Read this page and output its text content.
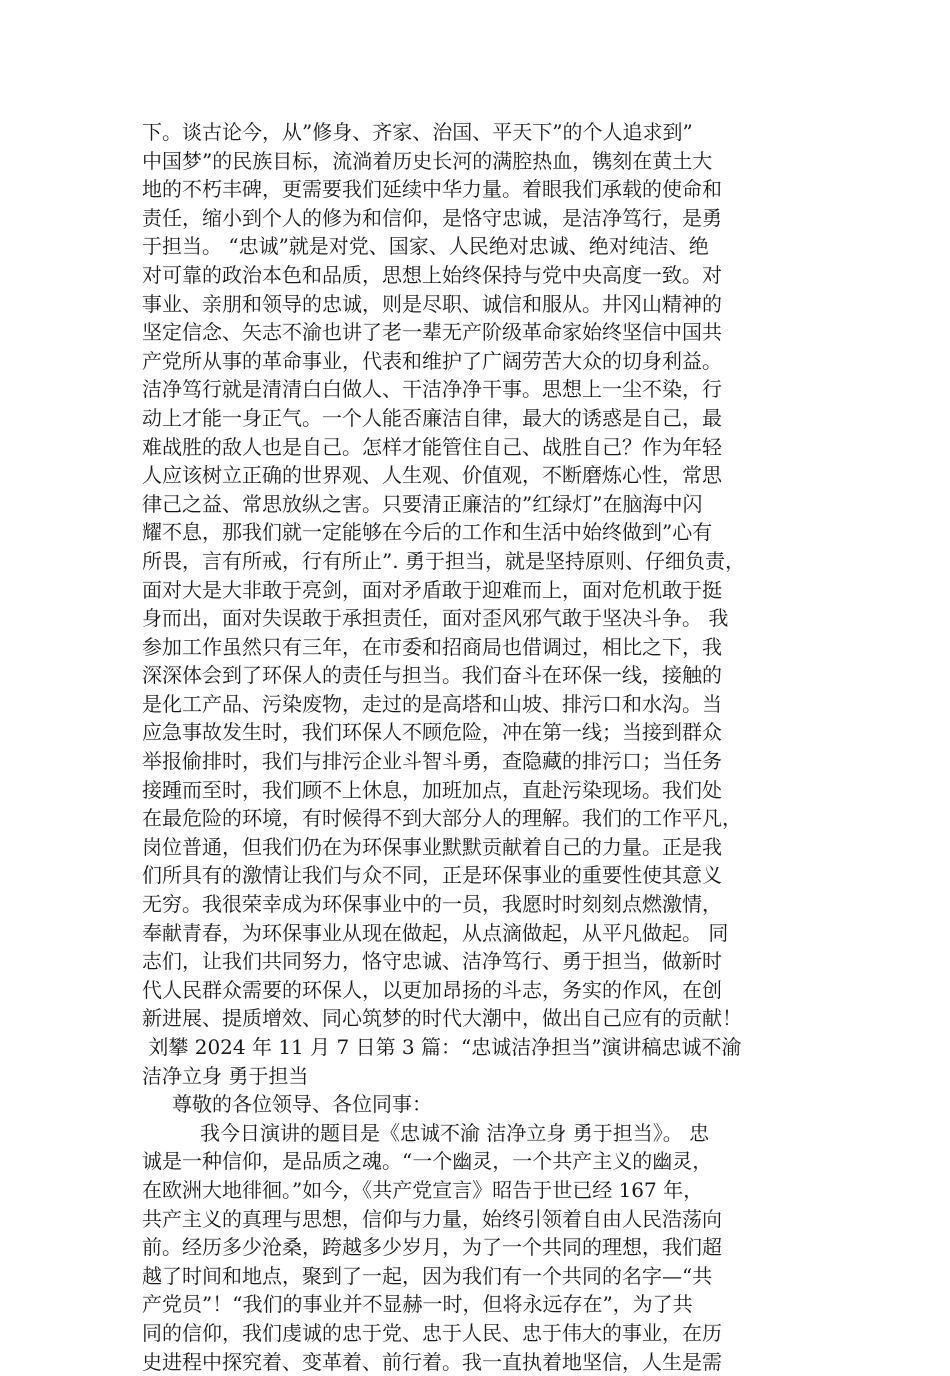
下。谈古论今，从”修身、齐家、治国、平天下”的个人追求到”
中国梦”的民族目标，流淌着历史长河的满腔热血，镌刻在黄土大
地的不朽丰碑，更需要我们延续中华力量。着眼我们承载的使命和
责任，缩小到个人的修为和信仰，是恪守忠诚，是洁净笃行，是勇
于担当。 “忠诚”就是对党、国家、人民绝对忠诚、绝对纯洁、绝
对可靠的政治本色和品质，思想上始终保持与党中央高度一致。对
事业、亲朋和领导的忠诚，则是尽职、诚信和服从。井冈山精神的
坚定信念、矢志不渝也讲了老一辈无产阶级革命家始终坚信中国共
产党所从事的革命事业，代表和维护了广阔劳苦大众的切身利益。
洁净笃行就是清清白白做人、干洁净净干事。思想上一尘不染，行
动上才能一身正气。一个人能否廉洁自律，最大的诱惑是自己，最
难战胜的敌人也是自己。怎样才能管住自己、战胜自己？作为年轻
人应该树立正确的世界观、人生观、价值观，不断磨炼心性，常思
律己之益、常思放纵之害。只要清正廉洁的”红绿灯”在脑海中闪
耀不息，那我们就一定能够在今后的工作和生活中始终做到”心有
所畏，言有所戒，行有所止”. 勇于担当，就是坚持原则、仔细负责，
面对大是大非敢于亮剑，面对矛盾敢于迎难而上，面对危机敢于挺
身而出，面对失误敢于承担责任，面对歪风邪气敢于坚决斗争。 我
参加工作虽然只有三年，在市委和招商局也借调过，相比之下，我
深深体会到了环保人的责任与担当。我们奋斗在环保一线，接触的
是化工产品、污染废物，走过的是高塔和山坡、排污口和水沟。当
应急事故发生时，我们环保人不顾危险，冲在第一线；当接到群众
举报偷排时，我们与排污企业斗智斗勇，查隐藏的排污口；当任务
接踵而至时，我们顾不上休息，加班加点，直赴污染现场。我们处
在最危险的环境，有时候得不到大部分人的理解。我们的工作平凡，
岗位普通，但我们仍在为环保事业默默贡献着自己的力量。正是我
们所具有的激情让我们与众不同，正是环保事业的重要性使其意义
无穷。我很荣幸成为环保事业中的一员，我愿时时刻刻点燃激情，
奉献青春，为环保事业从现在做起，从点滴做起，从平凡做起。 同
志们，让我们共同努力，恪守忠诚、洁净笃行、勇于担当，做新时
代人民群众需要的环保人，以更加昂扬的斗志，务实的作风，在创
新进展、提质增效、同心筑梦的时代大潮中，做出自己应有的贡献！
刘攀 2024 年 11 月 7 日第 3 篇：“忠诚洁净担当”演讲稿忠诚不渝
洁净立身 勇于担当
尊敬的各位领导、各位同事：
我今日演讲的题目是《忠诚不渝 洁净立身 勇于担当》。 忠
诚是一种信仰，是品质之魂。“一个幽灵，一个共产主义的幽灵，
在欧洲大地徘徊。”如今，《共产党宣言》昭告于世已经 167 年，
共产主义的真理与思想，信仰与力量，始终引领着自由人民浩荡向
前。经历多少沧桑，跨越多少岁月，为了一个共同的理想，我们超
越了时间和地点，聚到了一起，因为我们有一个共同的名字—“共
产党员”！“我们的事业并不显赫一时，但将永远存在”，为了共
同的信仰，我们虔诚的忠于党、忠于人民、忠于伟大的事业，在历
史进程中探究着、变革着、前行着。我一直执着地坚信，人生是需
